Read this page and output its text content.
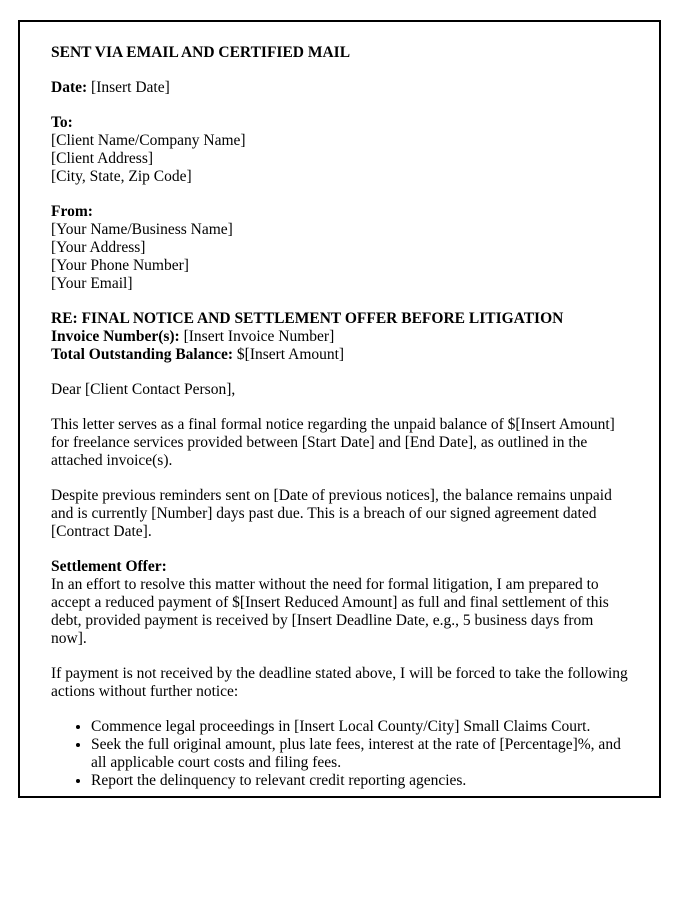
SENT VIA EMAIL AND CERTIFIED MAIL
Date: [Insert Date]
To:
[Client Name/Company Name]
[Client Address]
[City, State, Zip Code]
From:
[Your Name/Business Name]
[Your Address]
[Your Phone Number]
[Your Email]
RE: FINAL NOTICE AND SETTLEMENT OFFER BEFORE LITIGATION
Invoice Number(s): [Insert Invoice Number]
Total Outstanding Balance: $[Insert Amount]
Dear [Client Contact Person],
This letter serves as a final formal notice regarding the unpaid balance of $[Insert Amount] for freelance services provided between [Start Date] and [End Date], as outlined in the attached invoice(s).
Despite previous reminders sent on [Date of previous notices], the balance remains unpaid and is currently [Number] days past due. This is a breach of our signed agreement dated [Contract Date].
Settlement Offer:
In an effort to resolve this matter without the need for formal litigation, I am prepared to accept a reduced payment of $[Insert Reduced Amount] as full and final settlement of this debt, provided payment is received by [Insert Deadline Date, e.g., 5 business days from now].
If payment is not received by the deadline stated above, I will be forced to take the following actions without further notice:
• Commence legal proceedings in [Insert Local County/City] Small Claims Court.
• Seek the full original amount, plus late fees, interest at the rate of [Percentage]%, and all applicable court costs and filing fees.
• Report the delinquency to relevant credit reporting agencies.
